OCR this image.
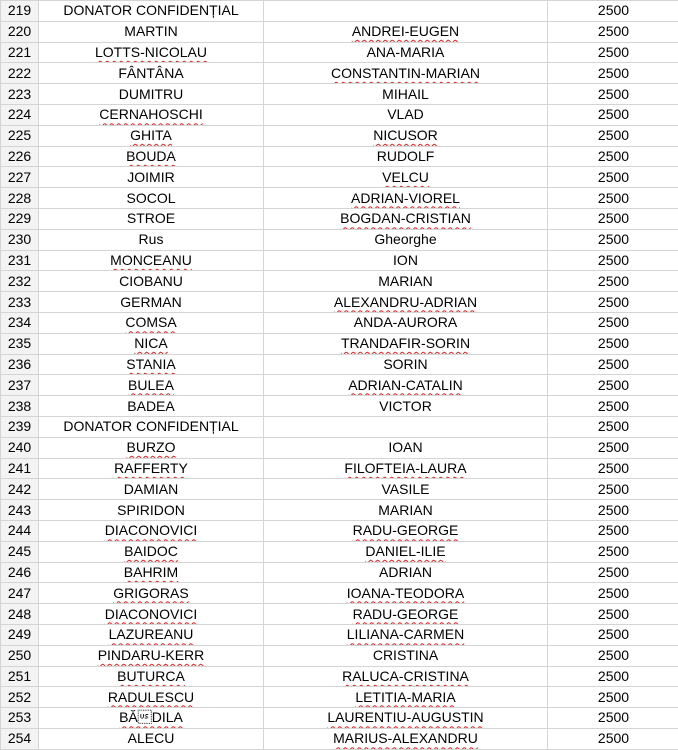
219	DONATOR CONFIDENȚIAL		2500
220	MARTIN	ANDREI-EUGEN	2500
221	LOTTS-NICOLAU	ANA-MARIA	2500
222	FÂNTÂNA	CONSTANTIN-MARIAN	2500
223	DUMITRU	MIHAIL	2500
224	CERNAHOSCHI	VLAD	2500
225	GHITA	NICUSOR	2500
226	BOUDA	RUDOLF	2500
227	JOIMIR	VELCU	2500
228	SOCOL	ADRIAN-VIOREL	2500
229	STROE	BOGDAN-CRISTIAN	2500
230	Rus	Gheorghe	2500
231	MONCEANU	ION	2500
232	CIOBANU	MARIAN	2500
233	GERMAN	ALEXANDRU-ADRIAN	2500
234	COMSA	ANDA-AURORA	2500
235	NICA	TRANDAFIR-SORIN	2500
236	STANIA	SORIN	2500
237	BULEA	ADRIAN-CATALIN	2500
238	BADEA	VICTOR	2500
239	DONATOR CONFIDENȚIAL		2500
240	BURZO	IOAN	2500
241	RAFFERTY	FILOFTEIA-LAURA	2500
242	DAMIAN	VASILE	2500
243	SPIRIDON	MARIAN	2500
244	DIACONOVICI	RADU-GEORGE	2500
245	BAIDOC	DANIEL-ILIE	2500
246	BAHRIM	ADRIAN	2500
247	GRIGORAS	IOANA-TEODORA	2500
248	DIACONOVICI	RADU-GEORGE	2500
249	LAZUREANU	LILIANA-CARMEN	2500
250	PINDARU-KERR	CRISTINA	2500
251	BUTURCA	RALUCA-CRISTINA	2500
252	RADULESCU	LETITIA-MARIA	2500
253	BĂDILA	LAURENTIU-AUGUSTIN	2500
254	ALECU	MARIUS-ALEXANDRU	2500
